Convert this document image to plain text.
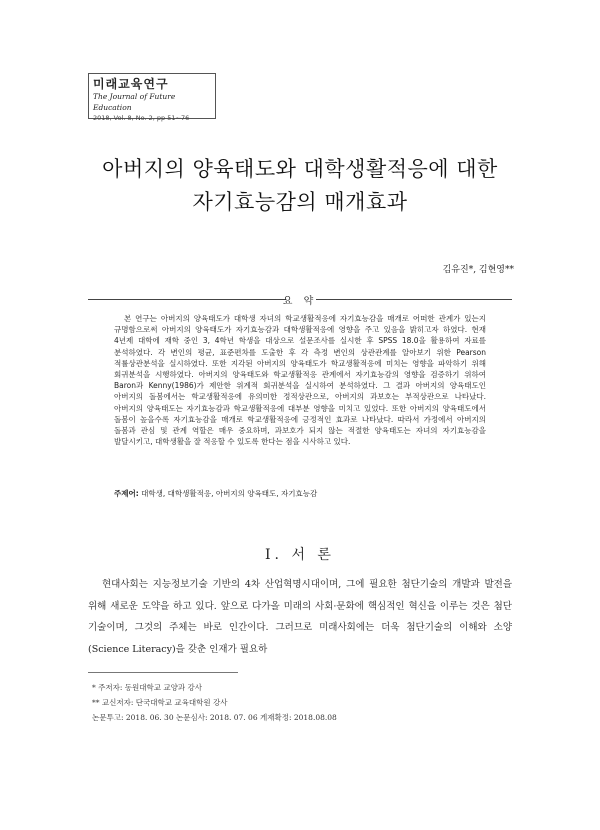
미래교육연구
The Journal of Future Education
2018, Vol. 8, No. 2, pp 51~76
아버지의 양육태도와 대학생활적응에 대한
자기효능감의 매개효과
김유진*, 김현영**
요 약

본 연구는 아버지의 양육태도가 대학생 자녀의 학교생활적응에 자기효능감을 매개로 어떠한 관계가 있는지 규명함으로써 아버지의 양육태도가 자기효능감과 대학생활적응에 영향을 주고 있음을 밝히고자 하였다. 현재 4년제 대학에 재학 중인 3, 4학년 학생을 대상으로 설문조사를 실시한 후 SPSS 18.0을 활용하여 자료를 분석하였다. 각 변인의 평균, 표준편차를 도출한 후 각 측정 변인의 상관관계를 알아보기 위한 Pearson 적률상관분석을 실시하였다. 또한 지각된 아버지의 양육태도가 학교생활적응에 미치는 영향을 파악하기 위해 회귀분석을 시행하였다. 아버지의 양육태도와 학교생활적응 관계에서 자기효능감의 영향을 검증하기 위하여 Baron과 Kenny(1986)가 제안한 위계적 회귀분석을 실시하여 분석하였다. 그 결과 아버지의 양육태도인 아버지의 돌봄에서는 학교생활적응에 유의미한 정적상관으로, 아버지의 과보호는 부적상관으로 나타났다. 아버지의 양육태도는 자기효능감과 학교생활적응에 대부분 영향을 미치고 있었다. 또한 아버지의 양육태도에서 돌봄이 높을수록 자기효능감을 매개로 학교생활적응에 긍정적인 효과로 나타났다. 따라서 가정에서 아버지의 돌봄과 관심 및 관계 역할은 매우 중요하며, 과보호가 되지 않는 적절한 양육태도는 자녀의 자기효능감을 발달시키고, 대학생활을 잘 적응할 수 있도록 한다는 점을 시사하고 있다.

주제어: 대학생, 대학생활적응, 아버지의 양육태도, 자기효능감
Ⅰ. 서 론

현대사회는 지능정보기술 기반의 4차 산업혁명시대이며, 그에 필요한 첨단기술의 개발과 발전을 위해 새로운 도약을 하고 있다. 앞으로 다가올 미래의 사회·문화에 핵심적인 혁신을 이루는 것은 첨단 기술이며, 그것의 주체는 바로 인간이다. 그러므로 미래사회에는 더욱 첨단기술의 이해와 소양(Science Literacy)을 갖춘 인재가 필요하

* 주저자: 동원대학교 교양과 강사
** 교신저자: 단국대학교 교육대학원 강사
논문투고: 2018. 06. 30 논문심사: 2018. 07. 06 게재확정: 2018.08.08
